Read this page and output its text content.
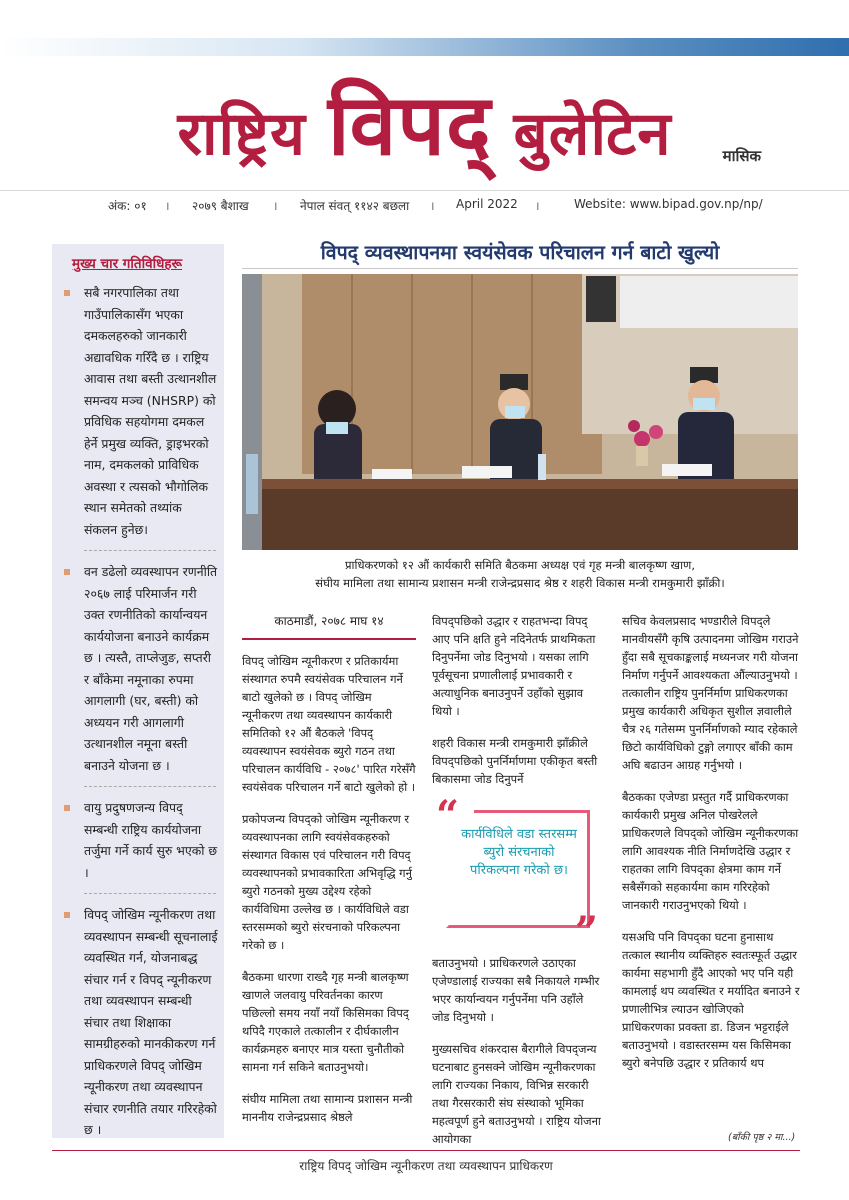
राष्ट्रिय विपद् बुलेटिन	मासिक
अंक: ०१ । २०७९ बैशाख । नेपाल संवत् ११४२ बछला । April 2022 ।	Website: www.bipad.gov.np/np/
मुख्य चार गतिविधिहरू
सबै नगरपालिका तथा गाउँपालिकासँग भएका दमकलहरुको जानकारी अद्यावधिक गरिँदै छ । राष्ट्रिय आवास तथा बस्ती उत्थानशील समन्वय मञ्च (NHSRP) को प्रविधिक सहयोगमा दमकल हेर्ने प्रमुख व्यक्ति, ड्राइभरको नाम, दमकलको प्राविधिक अवस्था र त्यसको भौगोलिक स्थान समेतको तथ्यांक संकलन हुनेछ।
वन डढेलो व्यवस्थापन रणनीति २०६७ लाई परिमार्जन गरी उक्त रणनीतिको कार्यान्वयन कार्ययोजना बनाउने कार्यक्रम छ । त्यस्तै, ताप्लेजुङ, सप्तरी र बाँकेमा नमूनाका रुपमा आगलागी (घर, बस्ती) को अध्ययन गरी आगलागी उत्थानशील नमूना बस्ती बनाउने योजना छ ।
वायु प्रदुषणजन्य विपद् सम्बन्धी राष्ट्रिय कार्ययोजना तर्जुमा गर्ने कार्य सुरु भएको छ ।
विपद् जोखिम न्यूनीकरण तथा व्यवस्थापन सम्बन्धी सूचनालाई व्यवस्थित गर्न, योजनाबद्ध संचार गर्न र विपद् न्यूनीकरण तथा व्यवस्थापन सम्बन्धी संचार तथा शिक्षाका सामग्रीहरुको मानकीकरण गर्न प्राधिकरणले विपद् जोखिम न्यूनीकरण तथा व्यवस्थापन संचार रणनीति तयार गरिरहेको छ ।
विपद् व्यवस्थापनमा स्वयंसेवक परिचालन गर्न बाटो खुल्यो
प्राधिकरणको १२ औं कार्यकारी समिति बैठकमा अध्यक्ष एवं गृह मन्त्री बालकृष्ण खाण,
संघीय मामिला तथा सामान्य प्रशासन मन्त्री राजेन्द्रप्रसाद श्रेष्ठ र शहरी विकास मन्त्री रामकुमारी झाँक्री।
काठमाडौं, २०७८ माघ १४

विपद् जोखिम न्यूनीकरण र प्रतिकार्यमा संस्थागत रुपमै स्वयंसेवक परिचालन गर्ने बाटो खुलेको छ । विपद् जोखिम न्यूनीकरण तथा व्यवस्थापन कार्यकारी समितिको १२ औं बैठकले 'विपद् व्यवस्थापन स्वयंसेवक ब्युरो गठन तथा परिचालन कार्यविधि - २०७८' पारित गरेसँगै स्वयंसेवक परिचालन गर्ने बाटो खुलेको हो ।

प्रकोपजन्य विपद्को जोखिम न्यूनीकरण र व्यवस्थापनका लागि स्वयंसेवकहरुको संस्थागत विकास एवं परिचालन गरी विपद् व्यवस्थापनको प्रभावकारिता अभिवृद्धि गर्नु ब्युरो गठनको मुख्य उद्देश्य रहेको कार्यविधिमा उल्लेख छ । कार्यविधिले वडा स्तरसम्मको ब्युरो संरचनाको परिकल्पना गरेको छ ।

बैठकमा धारणा राख्दै गृह मन्त्री बालकृष्ण खाणले जलवायु परिवर्तनका कारण पछिल्लो समय नयाँ नयाँ किसिमका विपद् थपिदै गएकाले तत्कालीन र दीर्घकालीन कार्यक्रमहरु बनाएर मात्र यस्ता चुनौतीको सामना गर्न सकिने बताउनुभयो।

संघीय मामिला तथा सामान्य प्रशासन मन्त्री माननीय राजेन्द्रप्रसाद श्रेष्ठले

विपद्पछिको उद्धार र राहतभन्दा विपद् आए पनि क्षति हुने नदिनेतर्फ प्राथमिकता दिनुपर्नेमा जोड दिनुभयो । यसका लागि पूर्वसूचना प्रणालीलाई प्रभावकारी र अत्याधुनिक बनाउनुपर्ने उहाँको सुझाव थियो ।

शहरी विकास मन्त्री रामकुमारी झाँक्रीले विपद्पछिको पुनर्निर्माणमा एकीकृत बस्ती बिकासमा जोड दिनुपर्ने

“ कार्यविधिले वडा स्तरसम्म ब्युरो संरचनाको परिकल्पना गरेको छ।
”

बताउनुभयो । प्राधिकरणले उठाएका एजेण्डालाई राज्यका सबै निकायले गम्भीर भएर कार्यान्वयन गर्नुपर्नेमा पनि उहाँले जोड दिनुभयो ।

मुख्यसचिव शंकरदास बैरागीले विपद्जन्य घटनाबाट हुनसक्ने जोखिम न्यूनीकरणका लागि राज्यका निकाय, विभिन्न सरकारी तथा गैरसरकारी संघ संस्थाको भूमिका महत्वपूर्ण हुने बताउनुभयो । राष्ट्रिय योजना आयोगका

सचिव केवलप्रसाद भण्डारीले विपद्ले मानवीयसँगै कृषि उत्पादनमा जोखिम गराउने हुँदा सबै सूचकाङ्कलाई मध्यनजर गरी योजना निर्माण गर्नुपर्ने आवश्यकता औंल्याउनुभयो । तत्कालीन राष्ट्रिय पुनर्निर्माण प्राधिकरणका प्रमुख कार्यकारी अधिकृत सुशील ज्ञवालीले चैत्र २६ गतेसम्म पुनर्निर्माणको म्याद रहेकाले छिटो कार्यविधिको टुङ्गो लगाएर बाँकी काम अघि बढाउन आग्रह गर्नुभयो ।

बैठकका एजेण्डा प्रस्तुत गर्दै प्राधिकरणका कार्यकारी प्रमुख अनिल पोखरेलले प्राधिकरणले विपद्को जोखिम न्यूनीकरणका लागि आवश्यक नीति निर्माणदेखि उद्धार र राहतका लागि विपद्का क्षेत्रमा काम गर्ने सबैसँगको सहकार्यमा काम गरिरहेको जानकारी गराउनुभएको थियो ।

यसअघि पनि विपद्का घटना हुनासाथ तत्काल स्थानीय व्यक्तिहरु स्वतःस्फूर्त उद्धार कार्यमा सहभागी हुँदै आएको भए पनि यही कामलाई थप व्यवस्थित र मर्यादित बनाउने र प्रणालीभित्र ल्याउन खोजिएको प्राधिकरणका प्रवक्ता डा. डिजन भट्टराईले बताउनुभयो । वडास्तरसम्म यस किसिमका ब्युरो बनेपछि उद्धार र प्रतिकार्य थप

(बाँकी पृष्ठ २ मा...)
राष्ट्रिय विपद् जोखिम न्यूनीकरण तथा व्यवस्थापन प्राधिकरण
